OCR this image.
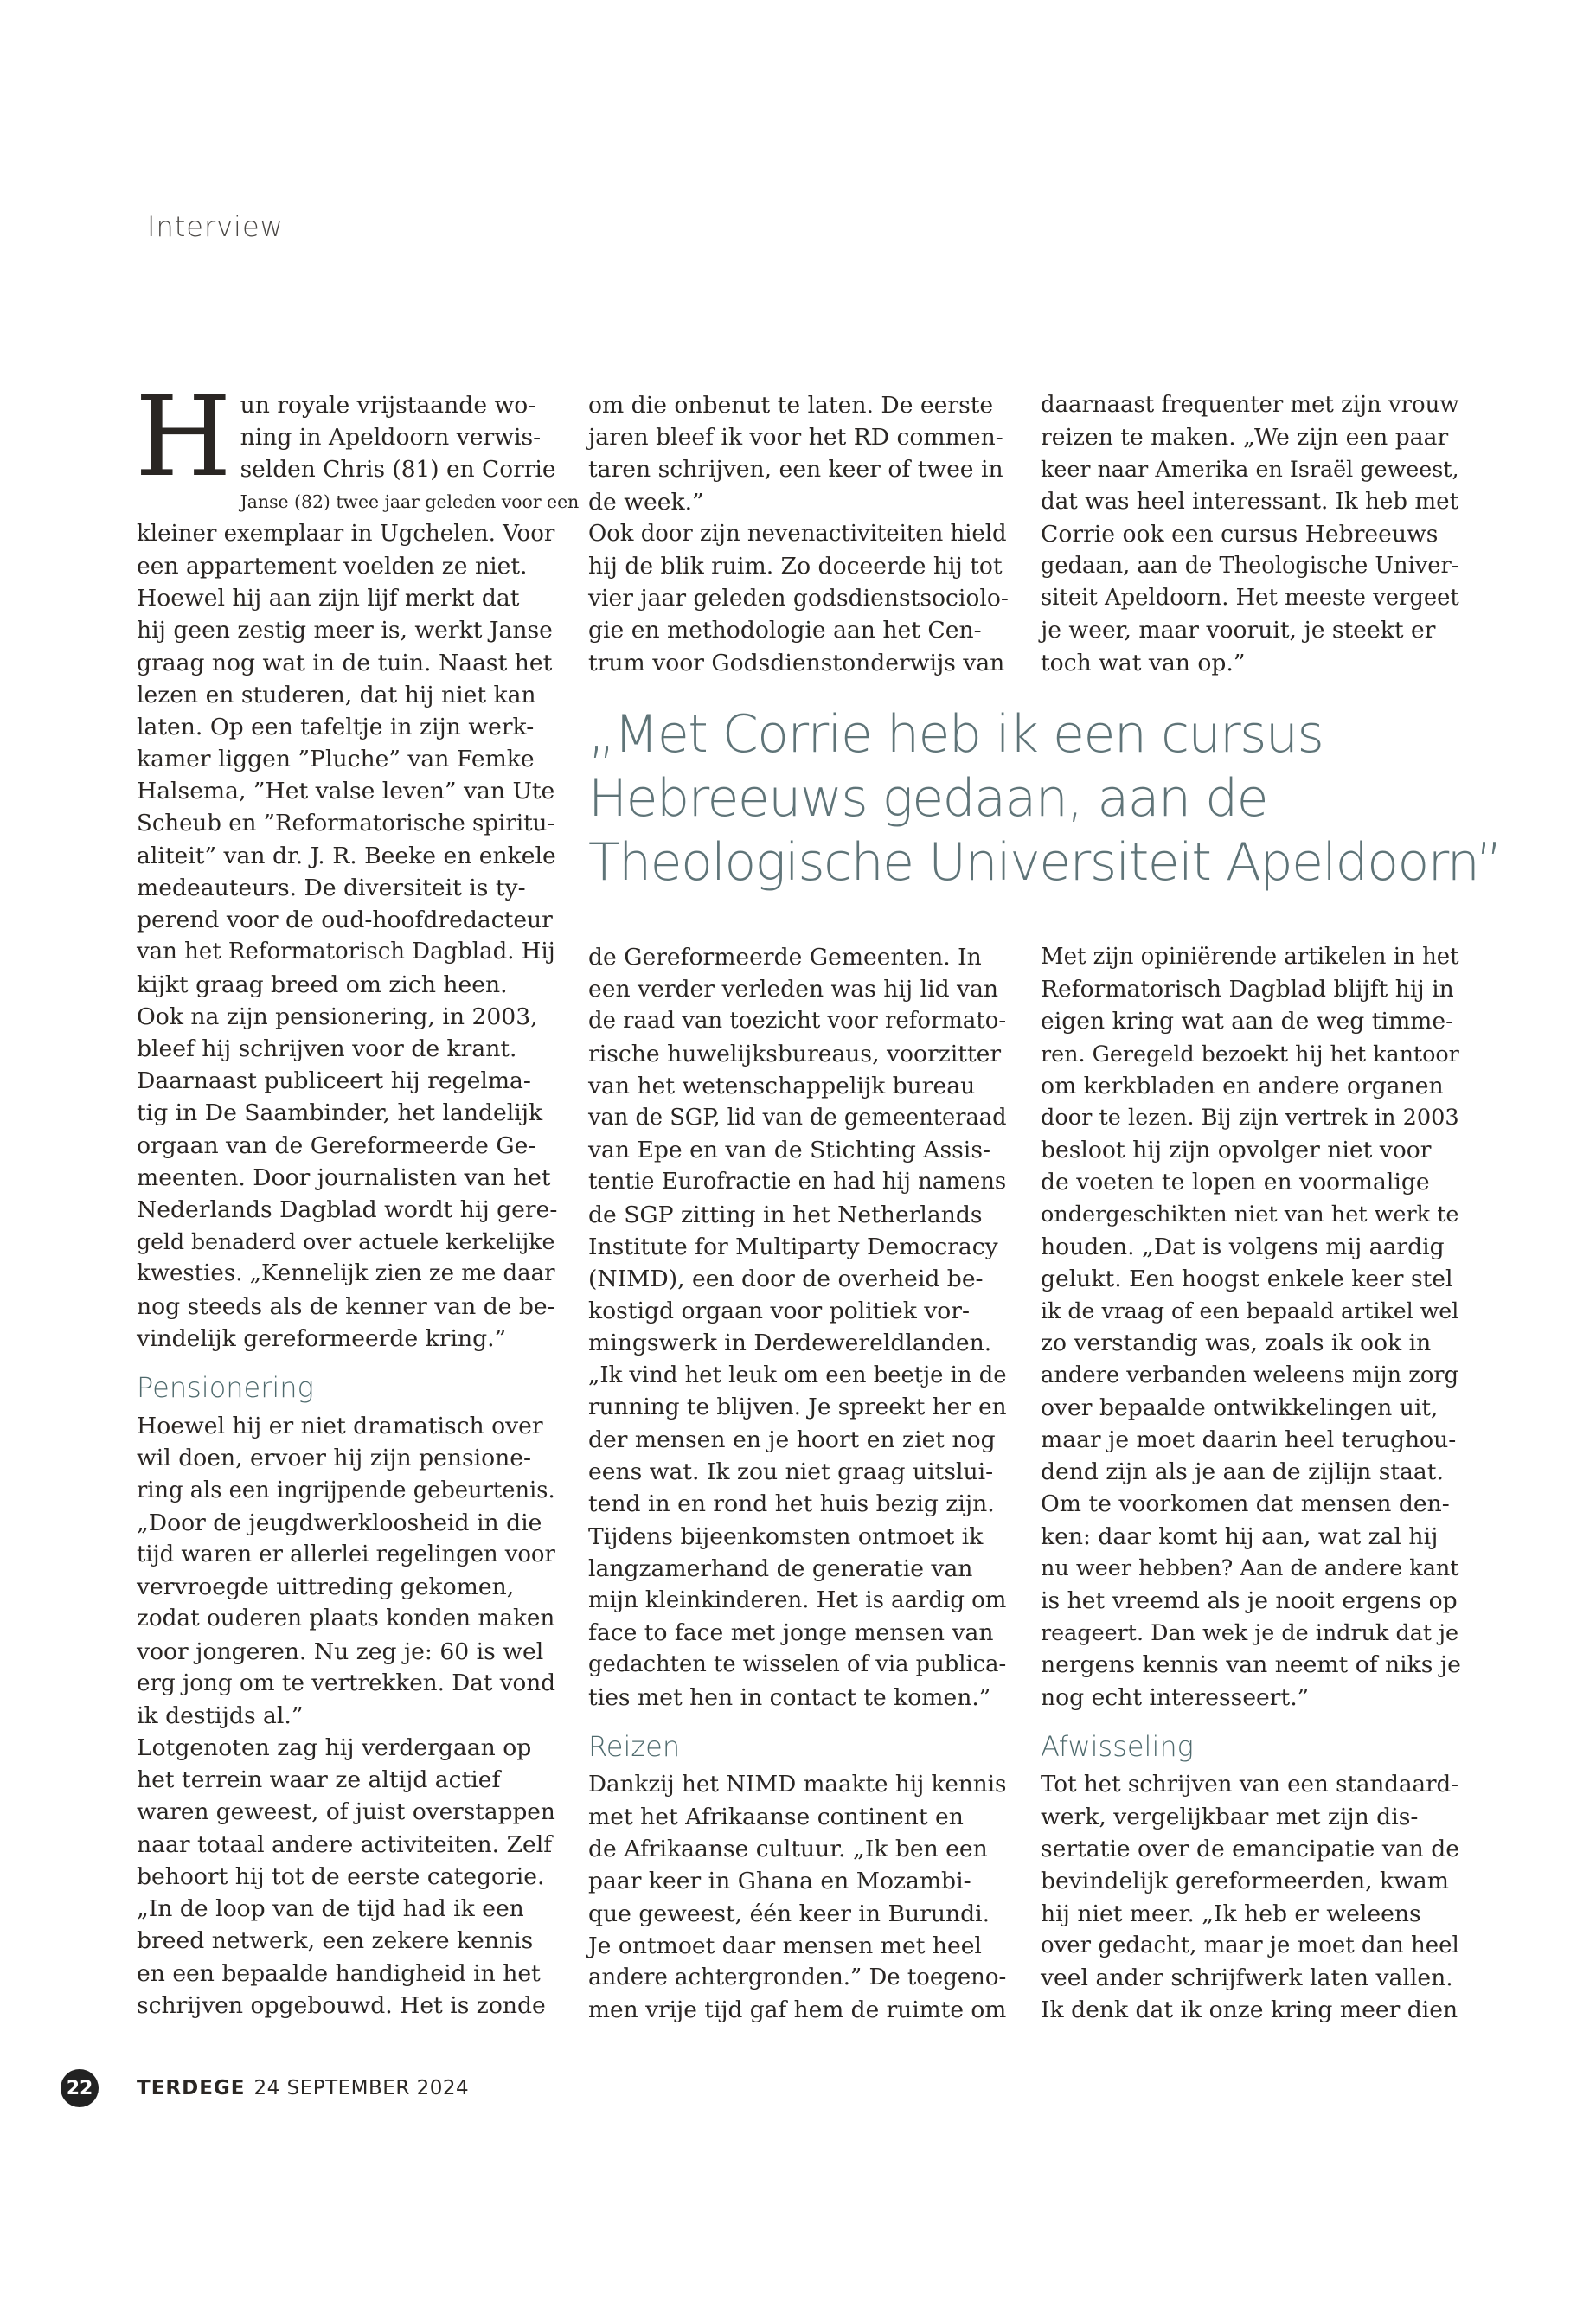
Interview
H un royale vrijstaande wo-
ning in Apeldoorn verwis-
selden Chris (81) en Corrie
Janse (82) twee jaar geleden voor een
kleiner exemplaar in Ugchelen. Voor
een appartement voelden ze niet.
Hoewel hij aan zijn lijf merkt dat
hij geen zestig meer is, werkt Janse
graag nog wat in de tuin. Naast het
lezen en studeren, dat hij niet kan
laten. Op een tafeltje in zijn werk-
kamer liggen ”Pluche” van Femke
Halsema, ”Het valse leven” van Ute
Scheub en ”Reformatorische spiritu-
aliteit” van dr. J. R. Beeke en enkele
medeauteurs. De diversiteit is ty-
perend voor de oud-hoofdredacteur
van het Reformatorisch Dagblad. Hij
kijkt graag breed om zich heen.
Ook na zijn pensionering, in 2003,
bleef hij schrijven voor de krant.
Daarnaast publiceert hij regelma-
tig in De Saambinder, het landelijk
orgaan van de Gereformeerde Ge-
meenten. Door journalisten van het
Nederlands Dagblad wordt hij gere-
geld benaderd over actuele kerkelijke
kwesties. „Kennelijk zien ze me daar
nog steeds als de kenner van de be-
vindelijk gereformeerde kring.”
Pensionering
Hoewel hij er niet dramatisch over
wil doen, ervoer hij zijn pensione-
ring als een ingrijpende gebeurtenis.
„Door de jeugdwerkloosheid in die
tijd waren er allerlei regelingen voor
vervroegde uittreding gekomen,
zodat ouderen plaats konden maken
voor jongeren. Nu zeg je: 60 is wel
erg jong om te vertrekken. Dat vond
ik destijds al.”
Lotgenoten zag hij verdergaan op
het terrein waar ze altijd actief
waren geweest, of juist overstappen
naar totaal andere activiteiten. Zelf
behoort hij tot de eerste categorie.
„In de loop van de tijd had ik een
breed netwerk, een zekere kennis
en een bepaalde handigheid in het
schrijven opgebouwd. Het is zonde
om die onbenut te laten. De eerste
jaren bleef ik voor het RD commen-
taren schrijven, een keer of twee in
de week.”
Ook door zijn nevenactiviteiten hield
hij de blik ruim. Zo doceerde hij tot
vier jaar geleden godsdienstsociolo-
gie en methodologie aan het Cen-
trum voor Godsdienstonderwijs van
daarnaast frequenter met zijn vrouw
reizen te maken. „We zijn een paar
keer naar Amerika en Israël geweest,
dat was heel interessant. Ik heb met
Corrie ook een cursus Hebreeuws
gedaan, aan de Theologische Univer-
siteit Apeldoorn. Het meeste vergeet
je weer, maar vooruit, je steekt er
toch wat van op.”
„Met Corrie heb ik een cursus
Hebreeuws gedaan, aan de
Theologische Universiteit Apeldoorn”
de Gereformeerde Gemeenten. In
een verder verleden was hij lid van
de raad van toezicht voor reformato-
rische huwelijksbureaus, voorzitter
van het wetenschappelijk bureau
van de SGP, lid van de gemeenteraad
van Epe en van de Stichting Assis-
tentie Eurofractie en had hij namens
de SGP zitting in het Netherlands
Institute for Multiparty Democracy
(NIMD), een door de overheid be-
kostigd orgaan voor politiek vor-
mingswerk in Derdewereldlanden.
„Ik vind het leuk om een beetje in de
running te blijven. Je spreekt her en
der mensen en je hoort en ziet nog
eens wat. Ik zou niet graag uitslui-
tend in en rond het huis bezig zijn.
Tijdens bijeenkomsten ontmoet ik
langzamerhand de generatie van
mijn kleinkinderen. Het is aardig om
face to face met jonge mensen van
gedachten te wisselen of via publica-
ties met hen in contact te komen.”
Reizen
Dankzij het NIMD maakte hij kennis
met het Afrikaanse continent en
de Afrikaanse cultuur. „Ik ben een
paar keer in Ghana en Mozambi-
que geweest, één keer in Burundi.
Je ontmoet daar mensen met heel
andere achtergronden.” De toegeno-
men vrije tijd gaf hem de ruimte om
Met zijn opiniërende artikelen in het
Reformatorisch Dagblad blijft hij in
eigen kring wat aan de weg timme-
ren. Geregeld bezoekt hij het kantoor
om kerkbladen en andere organen
door te lezen. Bij zijn vertrek in 2003
besloot hij zijn opvolger niet voor
de voeten te lopen en voormalige
ondergeschikten niet van het werk te
houden. „Dat is volgens mij aardig
gelukt. Een hoogst enkele keer stel
ik de vraag of een bepaald artikel wel
zo verstandig was, zoals ik ook in
andere verbanden weleens mijn zorg
over bepaalde ontwikkelingen uit,
maar je moet daarin heel terughou-
dend zijn als je aan de zijlijn staat.
Om te voorkomen dat mensen den-
ken: daar komt hij aan, wat zal hij
nu weer hebben? Aan de andere kant
is het vreemd als je nooit ergens op
reageert. Dan wek je de indruk dat je
nergens kennis van neemt of niks je
nog echt interesseert.”
Afwisseling
Tot het schrijven van een standaard-
werk, vergelijkbaar met zijn dis-
sertatie over de emancipatie van de
bevindelijk gereformeerden, kwam
hij niet meer. „Ik heb er weleens
over gedacht, maar je moet dan heel
veel ander schrijfwerk laten vallen.
Ik denk dat ik onze kring meer dien
22 TERDEGE 24 SEPTEMBER 2024
